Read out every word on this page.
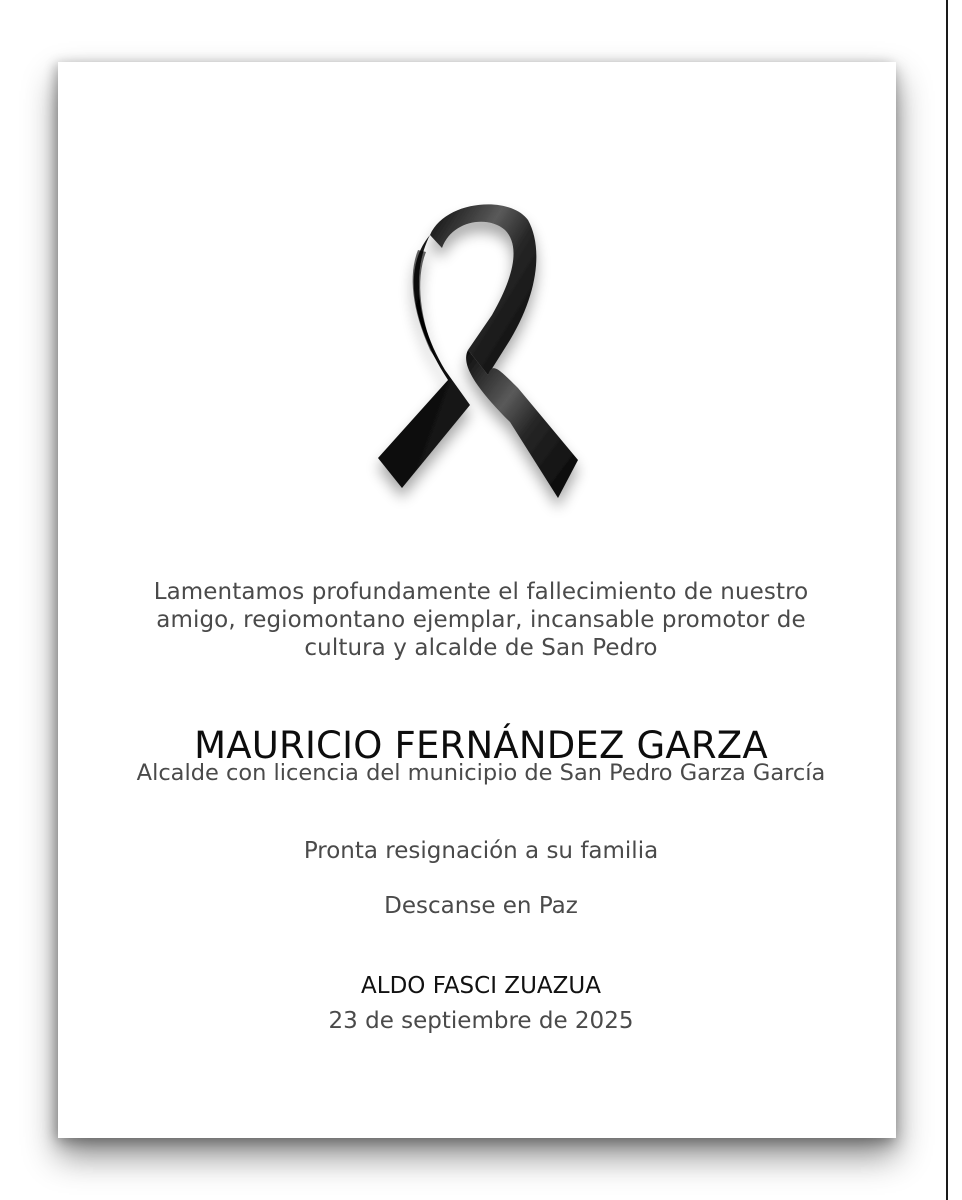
Lamentamos profundamente el fallecimiento de nuestro
amigo, regiomontano ejemplar, incansable promotor de
cultura y alcalde de San Pedro
MAURICIO FERNÁNDEZ GARZA
Alcalde con licencia del municipio de San Pedro Garza García
Pronta resignación a su familia
Descanse en Paz
ALDO FASCI ZUAZUA
23 de septiembre de 2025
